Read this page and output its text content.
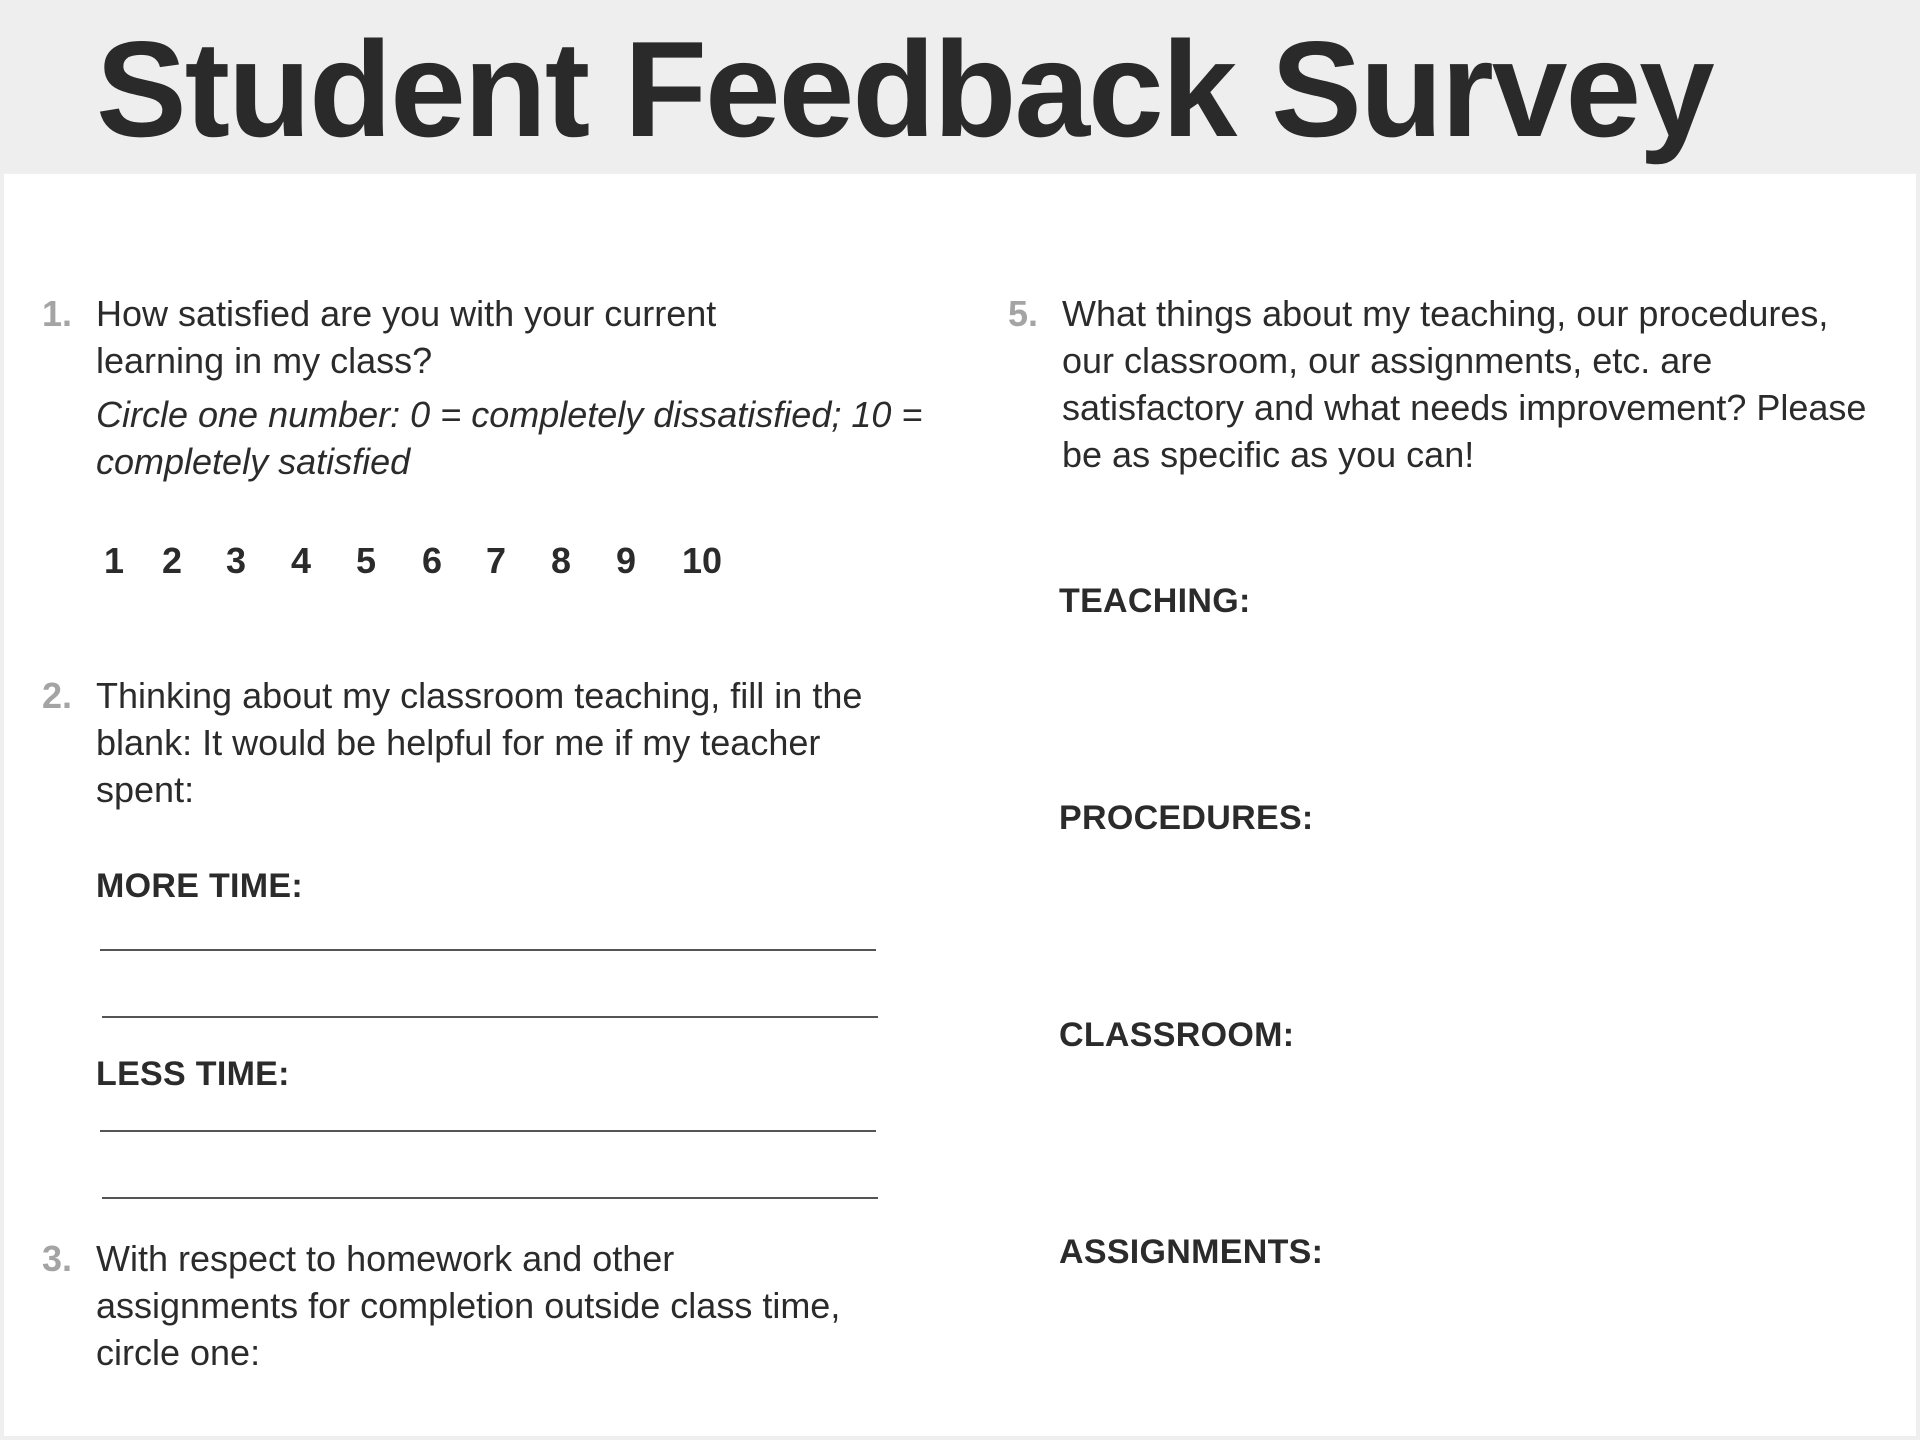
Student Feedback Survey
1. How satisfied are you with your current learning in my class?
Circle one number: 0 = completely dissatisfied; 10 = completely satisfied
1 2 3 4 5 6 7 8 9 10
2. Thinking about my classroom teaching, fill in the blank: It would be helpful for me if my teacher spent:
MORE TIME:
LESS TIME:
3. With respect to homework and other assignments for completion outside class time, circle one:
5. What things about my teaching, our procedures, our classroom, our assignments, etc. are satisfactory and what needs improvement? Please be as specific as you can!
TEACHING:
PROCEDURES:
CLASSROOM:
ASSIGNMENTS:
